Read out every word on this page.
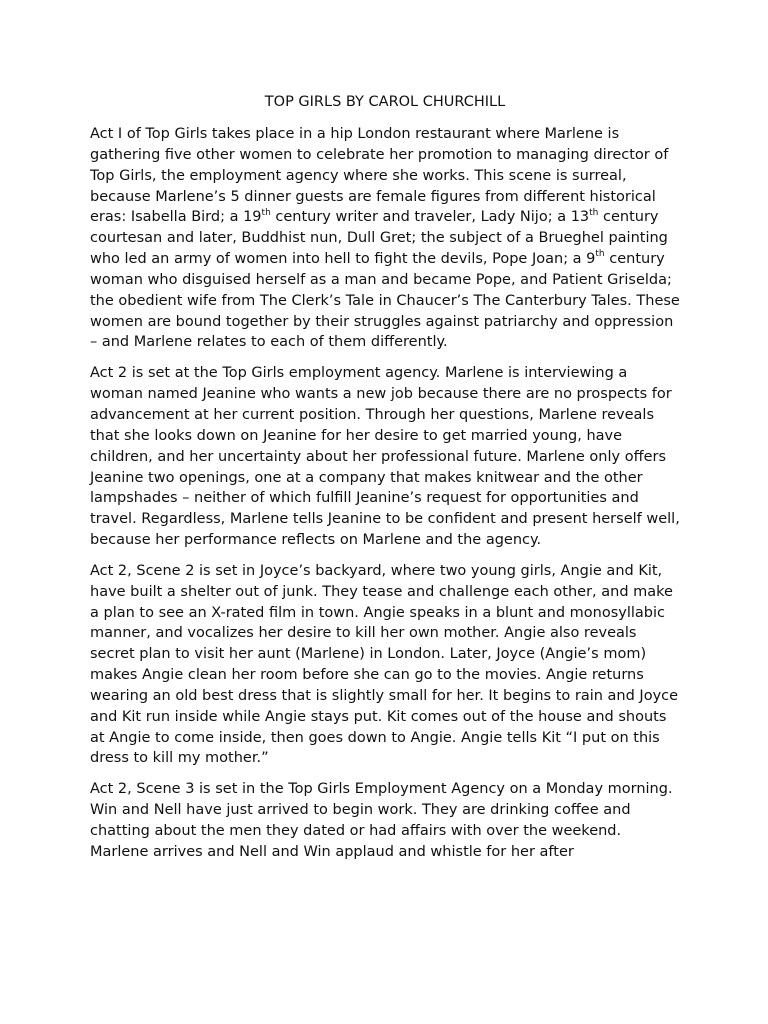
TOP GIRLS BY CAROL CHURCHILL

Act I of Top Girls takes place in a hip London restaurant where Marlene is gathering five other women to celebrate her promotion to managing director of Top Girls, the employment agency where she works. This scene is surreal, because Marlene’s 5 dinner guests are female figures from different historical eras: Isabella Bird; a 19th century writer and traveler, Lady Nijo; a 13th century courtesan and later, Buddhist nun, Dull Gret; the subject of a Brueghel painting who led an army of women into hell to fight the devils, Pope Joan; a 9th century woman who disguised herself as a man and became Pope, and Patient Griselda; the obedient wife from The Clerk’s Tale in Chaucer’s The Canterbury Tales. These women are bound together by their struggles against patriarchy and oppression – and Marlene relates to each of them differently.

Act 2 is set at the Top Girls employment agency. Marlene is interviewing a woman named Jeanine who wants a new job because there are no prospects for advancement at her current position. Through her questions, Marlene reveals that she looks down on Jeanine for her desire to get married young, have children, and her uncertainty about her professional future. Marlene only offers Jeanine two openings, one at a company that makes knitwear and the other lampshades – neither of which fulfill Jeanine’s request for opportunities and travel. Regardless, Marlene tells Jeanine to be confident and present herself well, because her performance reflects on Marlene and the agency.

Act 2, Scene 2 is set in Joyce’s backyard, where two young girls, Angie and Kit, have built a shelter out of junk. They tease and challenge each other, and make a plan to see an X-rated film in town. Angie speaks in a blunt and monosyllabic manner, and vocalizes her desire to kill her own mother. Angie also reveals secret plan to visit her aunt (Marlene) in London. Later, Joyce (Angie’s mom) makes Angie clean her room before she can go to the movies. Angie returns wearing an old best dress that is slightly small for her. It begins to rain and Joyce and Kit run inside while Angie stays put. Kit comes out of the house and shouts at Angie to come inside, then goes down to Angie. Angie tells Kit “I put on this dress to kill my mother.”

Act 2, Scene 3 is set in the Top Girls Employment Agency on a Monday morning. Win and Nell have just arrived to begin work. They are drinking coffee and chatting about the men they dated or had affairs with over the weekend. Marlene arrives and Nell and Win applaud and whistle for her after
